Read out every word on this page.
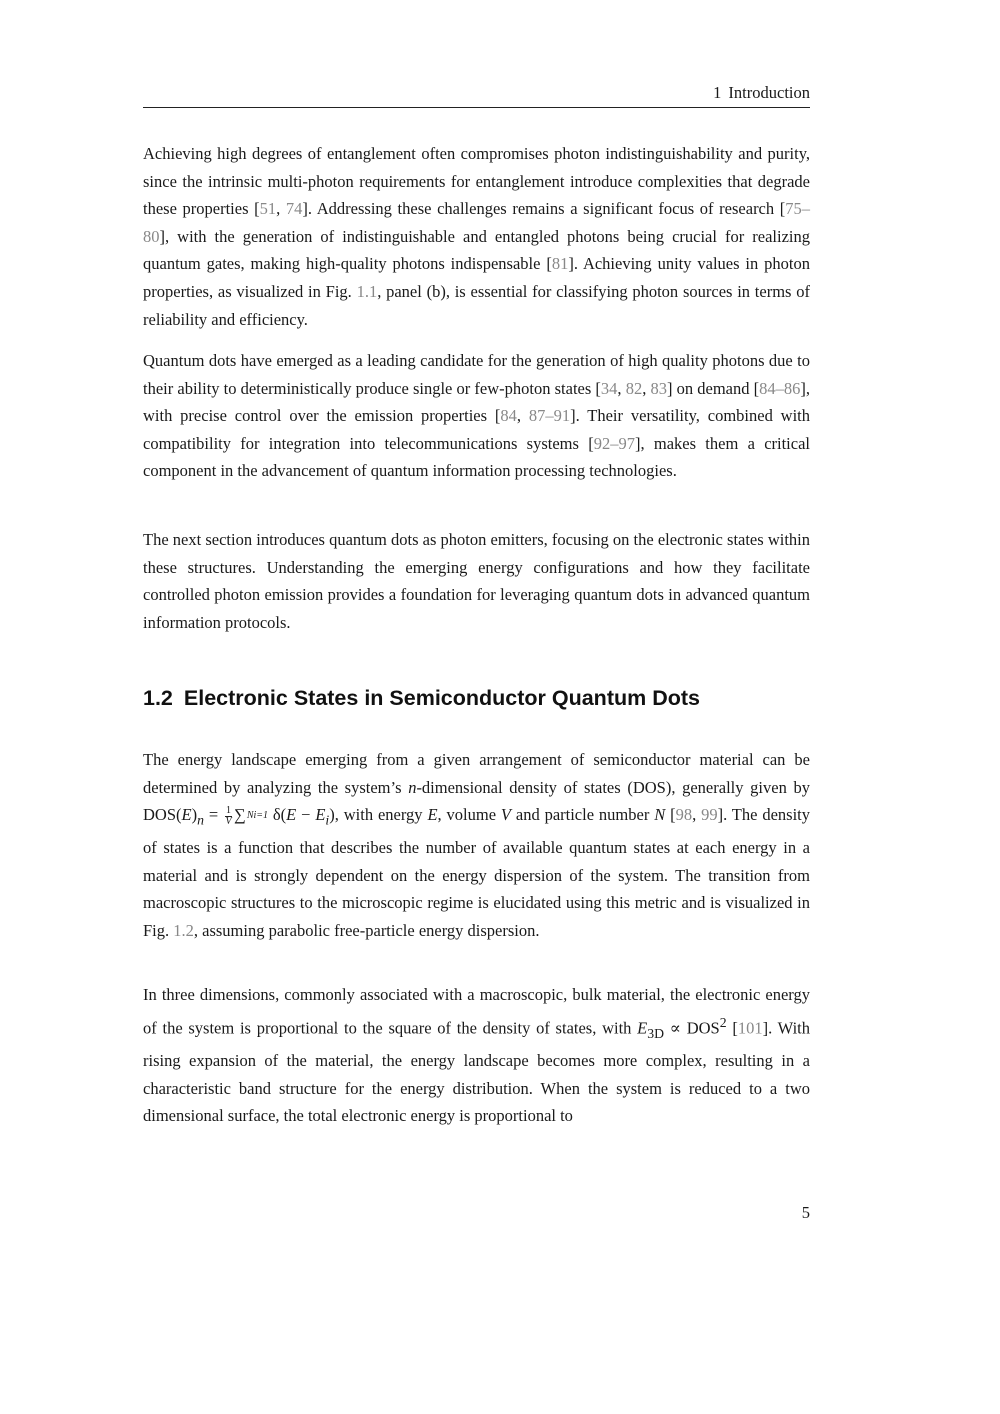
1 Introduction

Achieving high degrees of entanglement often compromises photon indistinguishability and purity, since the intrinsic multi-photon requirements for entanglement introduce complexities that degrade these properties [51, 74]. Addressing these challenges remains a significant focus of research [75–80], with the generation of indistinguishable and entangled photons being crucial for realizing quantum gates, making high-quality photons indispensable [81]. Achieving unity values in photon properties, as visualized in Fig. 1.1, panel (b), is essential for classifying photon sources in terms of reliability and efficiency.

Quantum dots have emerged as a leading candidate for the generation of high quality photons due to their ability to deterministically produce single or few-photon states [34, 82, 83] on demand [84–86], with precise control over the emission properties [84, 87–91]. Their versatility, combined with compatibility for integration into telecommunications systems [92–97], makes them a critical component in the advancement of quantum information processing technologies.

The next section introduces quantum dots as photon emitters, focusing on the electronic states within these structures. Understanding the emerging energy configurations and how they facilitate controlled photon emission provides a foundation for leveraging quantum dots in advanced quantum information protocols.

1.2 Electronic States in Semiconductor Quantum Dots

The energy landscape emerging from a given arrangement of semiconductor material can be determined by analyzing the system’s n-dimensional density of states (DOS), generally given by $DOS(E)_n = \frac{1}{V} \sum Ni=1$ $\delta(E - E_i)$, with energy E, volume V and particle number N [98, 99]. The density of states is a function that describes the number of available quantum states at each energy in a material and is strongly dependent on the energy dispersion of the system. The transition from macroscopic structures to the microscopic regime is elucidated using this metric and is visualized in Fig. 1.2, assuming parabolic free-particle energy dispersion.

In three dimensions, commonly associated with a macroscopic, bulk material, the electronic energy of the system is proportional to the square of the density of states, with $E_{3D} \propto DOS^2$ [101]. With rising expansion of the material, the energy landscape becomes more complex, resulting in a characteristic band structure for the energy distribution. When the system is reduced to a two dimensional surface, the total electronic energy is proportional to

5
